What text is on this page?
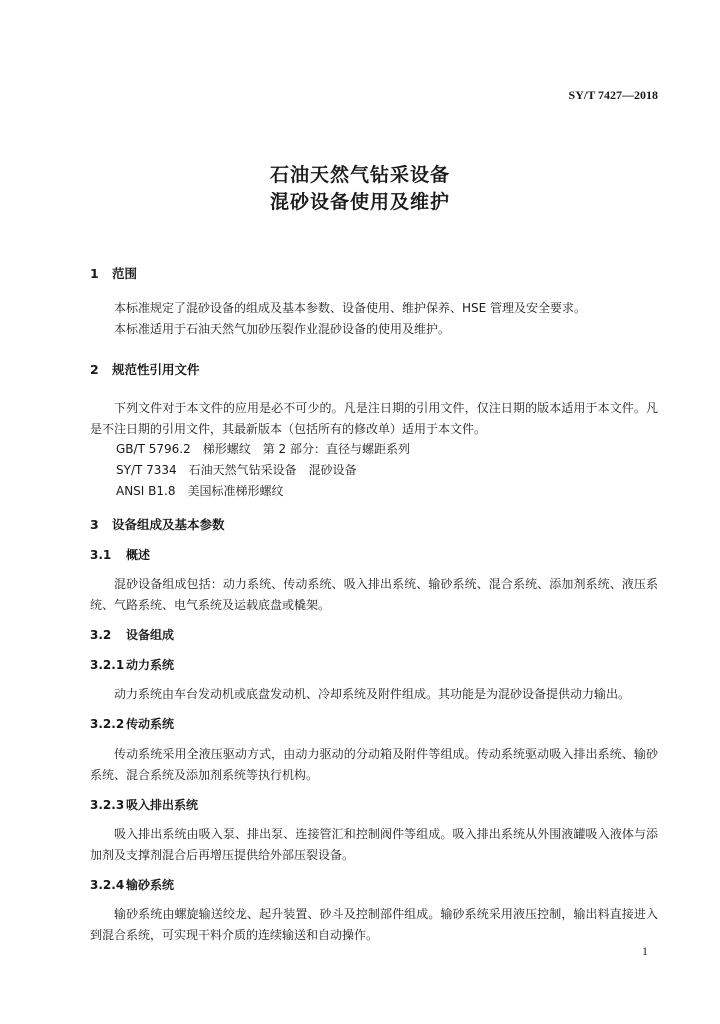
SY/T 7427—2018
石油天然气钻采设备
混砂设备使用及维护
1 范围
本标准规定了混砂设备的组成及基本参数、设备使用、维护保养、HSE 管理及安全要求。
本标准适用于石油天然气加砂压裂作业混砂设备的使用及维护。
2 规范性引用文件
下列文件对于本文件的应用是必不可少的。凡是注日期的引用文件，仅注日期的版本适用于本文件。凡是不注日期的引用文件，其最新版本（包括所有的修改单）适用于本文件。
GB/T 5796.2　梯形螺纹　第 2 部分：直径与螺距系列
SY/T 7334　石油天然气钻采设备　混砂设备
ANSI B1.8　美国标准梯形螺纹
3 设备组成及基本参数
3.1 概述
混砂设备组成包括：动力系统、传动系统、吸入排出系统、输砂系统、混合系统、添加剂系统、液压系统、气路系统、电气系统及运载底盘或橇架。
3.2 设备组成
3.2.1 动力系统
动力系统由车台发动机或底盘发动机、冷却系统及附件组成。其功能是为混砂设备提供动力输出。
3.2.2 传动系统
传动系统采用全液压驱动方式，由动力驱动的分动箱及附件等组成。传动系统驱动吸入排出系统、输砂系统、混合系统及添加剂系统等执行机构。
3.2.3 吸入排出系统
吸入排出系统由吸入泵、排出泵、连接管汇和控制阀件等组成。吸入排出系统从外围液罐吸入液体与添加剂及支撑剂混合后再增压提供给外部压裂设备。
3.2.4 输砂系统
输砂系统由螺旋输送绞龙、起升装置、砂斗及控制部件组成。输砂系统采用液压控制，输出料直接进入到混合系统，可实现干料介质的连续输送和自动操作。
1
